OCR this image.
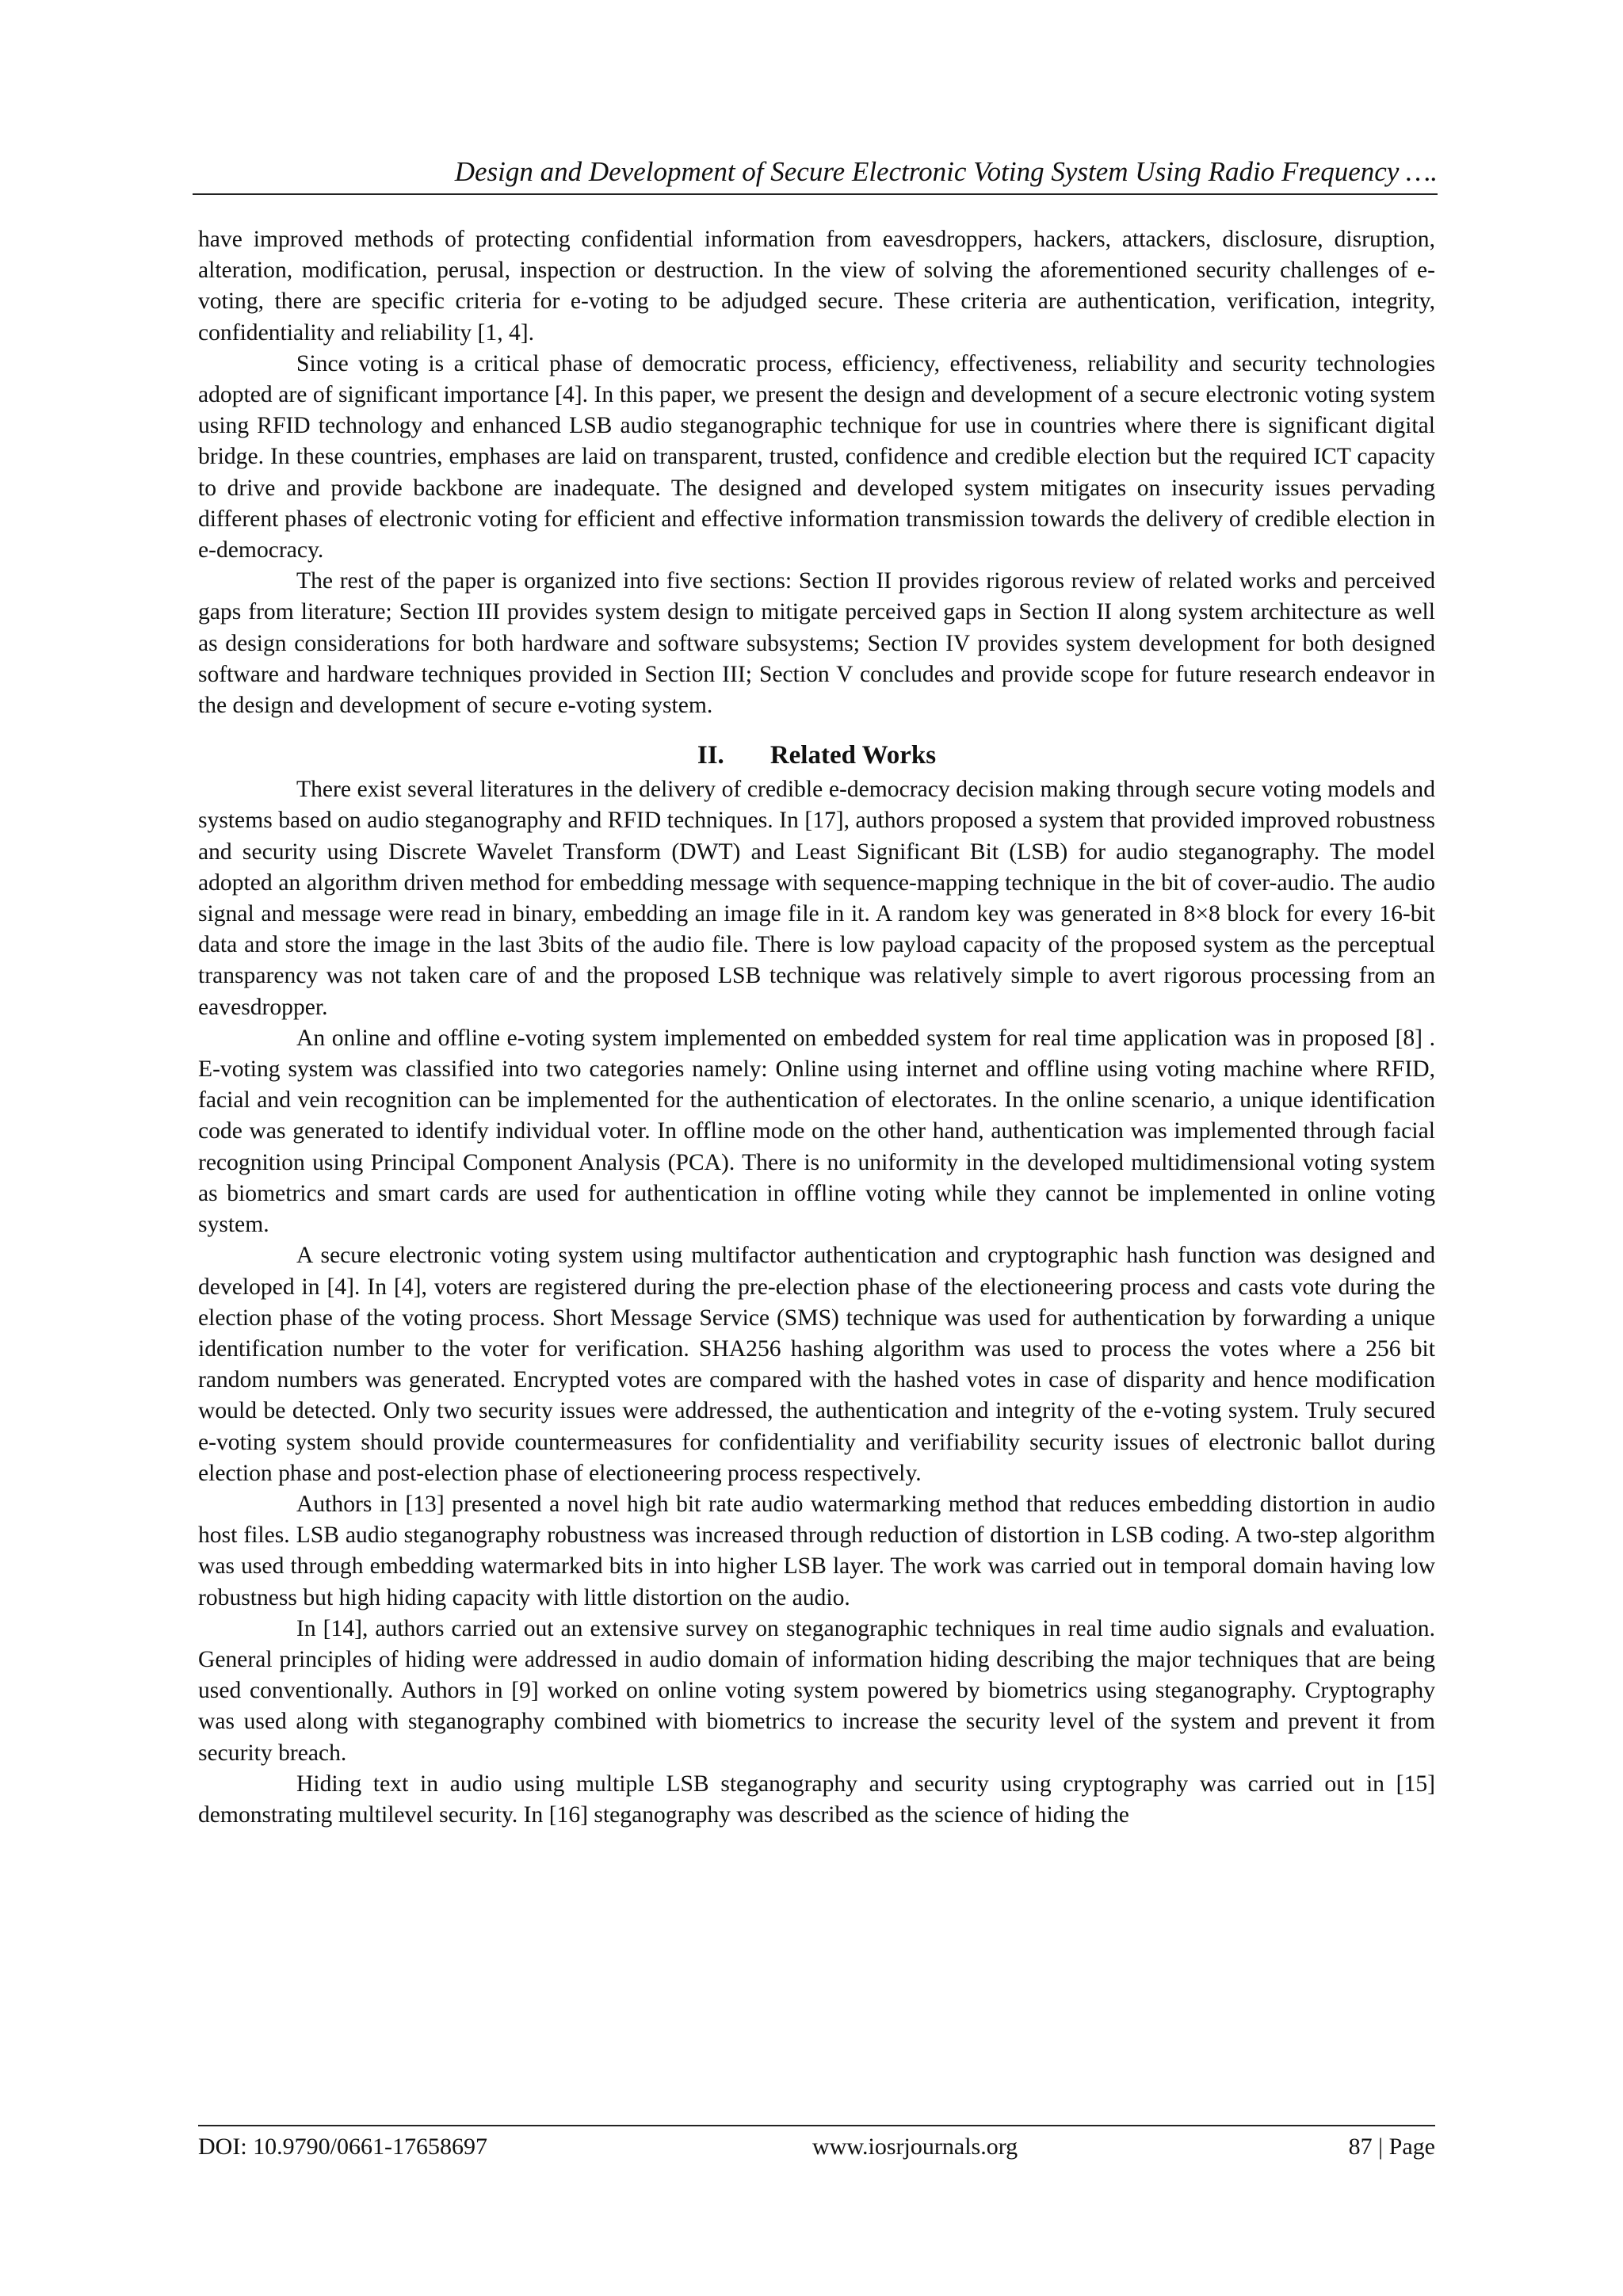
Design and Development of Secure Electronic Voting System Using Radio Frequency ….

have improved methods of protecting confidential information from eavesdroppers, hackers, attackers, disclosure, disruption, alteration, modification, perusal, inspection or destruction. In the view of solving the aforementioned security challenges of e-voting, there are specific criteria for e-voting to be adjudged secure. These criteria are authentication, verification, integrity, confidentiality and reliability [1, 4].

Since voting is a critical phase of democratic process, efficiency, effectiveness, reliability and security technologies adopted are of significant importance [4]. In this paper, we present the design and development of a secure electronic voting system using RFID technology and enhanced LSB audio steganographic technique for use in countries where there is significant digital bridge. In these countries, emphases are laid on transparent, trusted, confidence and credible election but the required ICT capacity to drive and provide backbone are inadequate. The designed and developed system mitigates on insecurity issues pervading different phases of electronic voting for efficient and effective information transmission towards the delivery of credible election in e-democracy.

The rest of the paper is organized into five sections: Section II provides rigorous review of related works and perceived gaps from literature; Section III provides system design to mitigate perceived gaps in Section II along system architecture as well as design considerations for both hardware and software subsystems; Section IV provides system development for both designed software and hardware techniques provided in Section III; Section V concludes and provide scope for future research endeavor in the design and development of secure e-voting system.

II. Related Works

There exist several literatures in the delivery of credible e-democracy decision making through secure voting models and systems based on audio steganography and RFID techniques. In [17], authors proposed a system that provided improved robustness and security using Discrete Wavelet Transform (DWT) and Least Significant Bit (LSB) for audio steganography. The model adopted an algorithm driven method for embedding message with sequence-mapping technique in the bit of cover-audio. The audio signal and message were read in binary, embedding an image file in it. A random key was generated in 8×8 block for every 16-bit data and store the image in the last 3bits of the audio file. There is low payload capacity of the proposed system as the perceptual transparency was not taken care of and the proposed LSB technique was relatively simple to avert rigorous processing from an eavesdropper.

An online and offline e-voting system implemented on embedded system for real time application was in proposed [8] . E-voting system was classified into two categories namely: Online using internet and offline using voting machine where RFID, facial and vein recognition can be implemented for the authentication of electorates. In the online scenario, a unique identification code was generated to identify individual voter. In offline mode on the other hand, authentication was implemented through facial recognition using Principal Component Analysis (PCA). There is no uniformity in the developed multidimensional voting system as biometrics and smart cards are used for authentication in offline voting while they cannot be implemented in online voting system.

A secure electronic voting system using multifactor authentication and cryptographic hash function was designed and developed in [4]. In [4], voters are registered during the pre-election phase of the electioneering process and casts vote during the election phase of the voting process. Short Message Service (SMS) technique was used for authentication by forwarding a unique identification number to the voter for verification. SHA256 hashing algorithm was used to process the votes where a 256 bit random numbers was generated. Encrypted votes are compared with the hashed votes in case of disparity and hence modification would be detected. Only two security issues were addressed, the authentication and integrity of the e-voting system. Truly secured e-voting system should provide countermeasures for confidentiality and verifiability security issues of electronic ballot during election phase and post-election phase of electioneering process respectively.

Authors in [13] presented a novel high bit rate audio watermarking method that reduces embedding distortion in audio host files. LSB audio steganography robustness was increased through reduction of distortion in LSB coding. A two-step algorithm was used through embedding watermarked bits in into higher LSB layer. The work was carried out in temporal domain having low robustness but high hiding capacity with little distortion on the audio.

In [14], authors carried out an extensive survey on steganographic techniques in real time audio signals and evaluation. General principles of hiding were addressed in audio domain of information hiding describing the major techniques that are being used conventionally. Authors in [9] worked on online voting system powered by biometrics using steganography. Cryptography was used along with steganography combined with biometrics to increase the security level of the system and prevent it from security breach.

Hiding text in audio using multiple LSB steganography and security using cryptography was carried out in [15] demonstrating multilevel security. In [16] steganography was described as the science of hiding the

DOI: 10.9790/0661-17658697	www.iosrjournals.org	87 | Page
